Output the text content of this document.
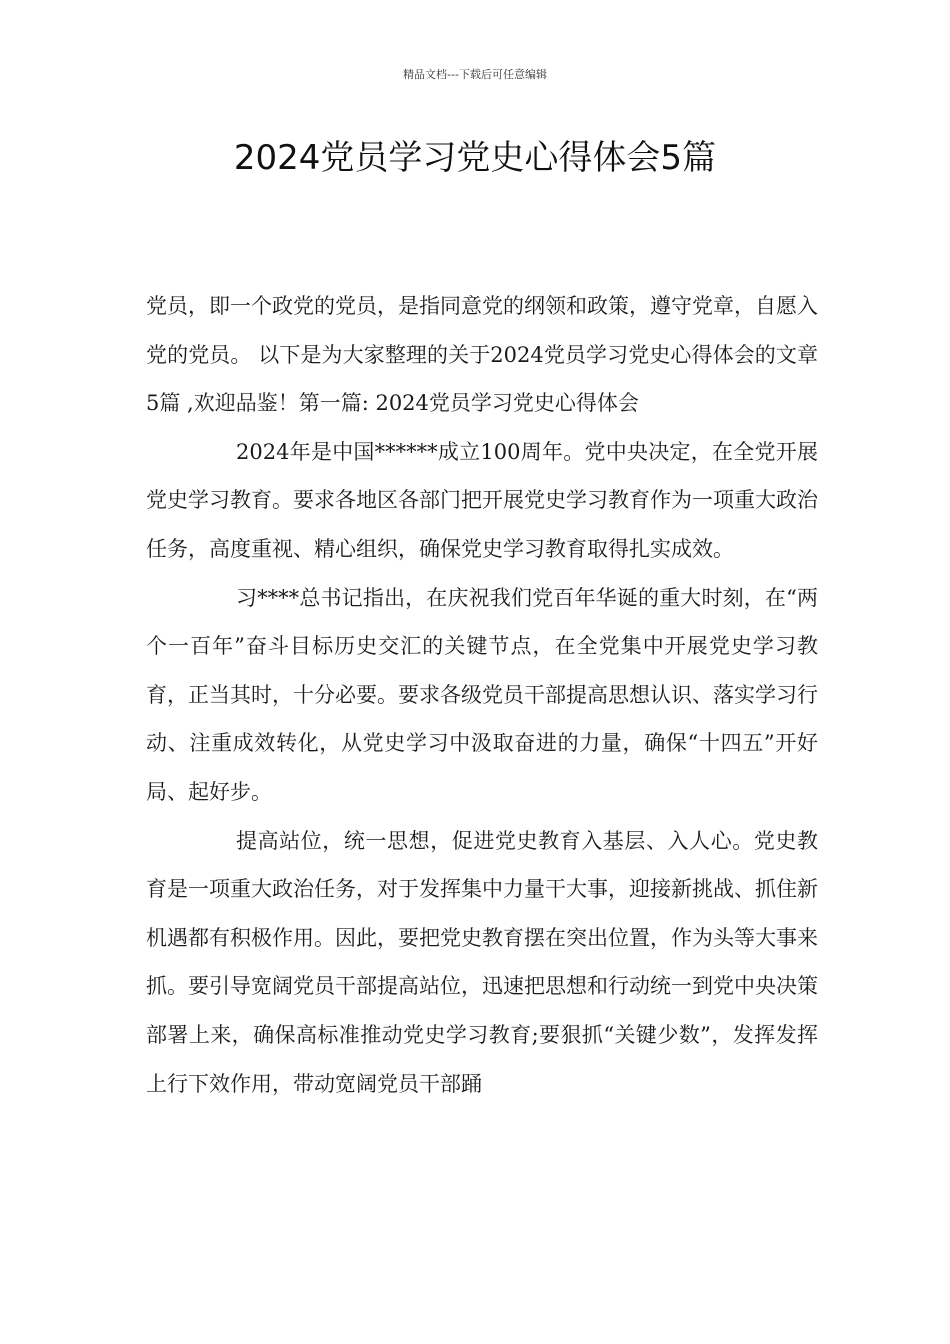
精品文档---下载后可任意编辑
2024党员学习党史心得体会5篇

党员，即一个政党的党员，是指同意党的纲领和政策，遵守党章，自愿入党的党员。 以下是为大家整理的关于2024党员学习党史心得体会的文章5篇 ,欢迎品鉴！第一篇: 2024党员学习党史心得体会

2024年是中国******成立100周年。党中央决定，在全党开展党史学习教育。要求各地区各部门把开展党史学习教育作为一项重大政治任务，高度重视、精心组织，确保党史学习教育取得扎实成效。

习****总书记指出，在庆祝我们党百年华诞的重大时刻，在“两个一百年”奋斗目标历史交汇的关键节点，在全党集中开展党史学习教育，正当其时，十分必要。要求各级党员干部提高思想认识、落实学习行动、注重成效转化，从党史学习中汲取奋进的力量，确保“十四五”开好局、起好步。

提高站位，统一思想，促进党史教育入基层、入人心。党史教育是一项重大政治任务，对于发挥集中力量干大事，迎接新挑战、抓住新机遇都有积极作用。因此，要把党史教育摆在突出位置，作为头等大事来抓。要引导宽阔党员干部提高站位，迅速把思想和行动统一到党中央决策部署上来，确保高标准推动党史学习教育;要狠抓“关键少数”，发挥发挥上行下效作用，带动宽阔党员干部踊
